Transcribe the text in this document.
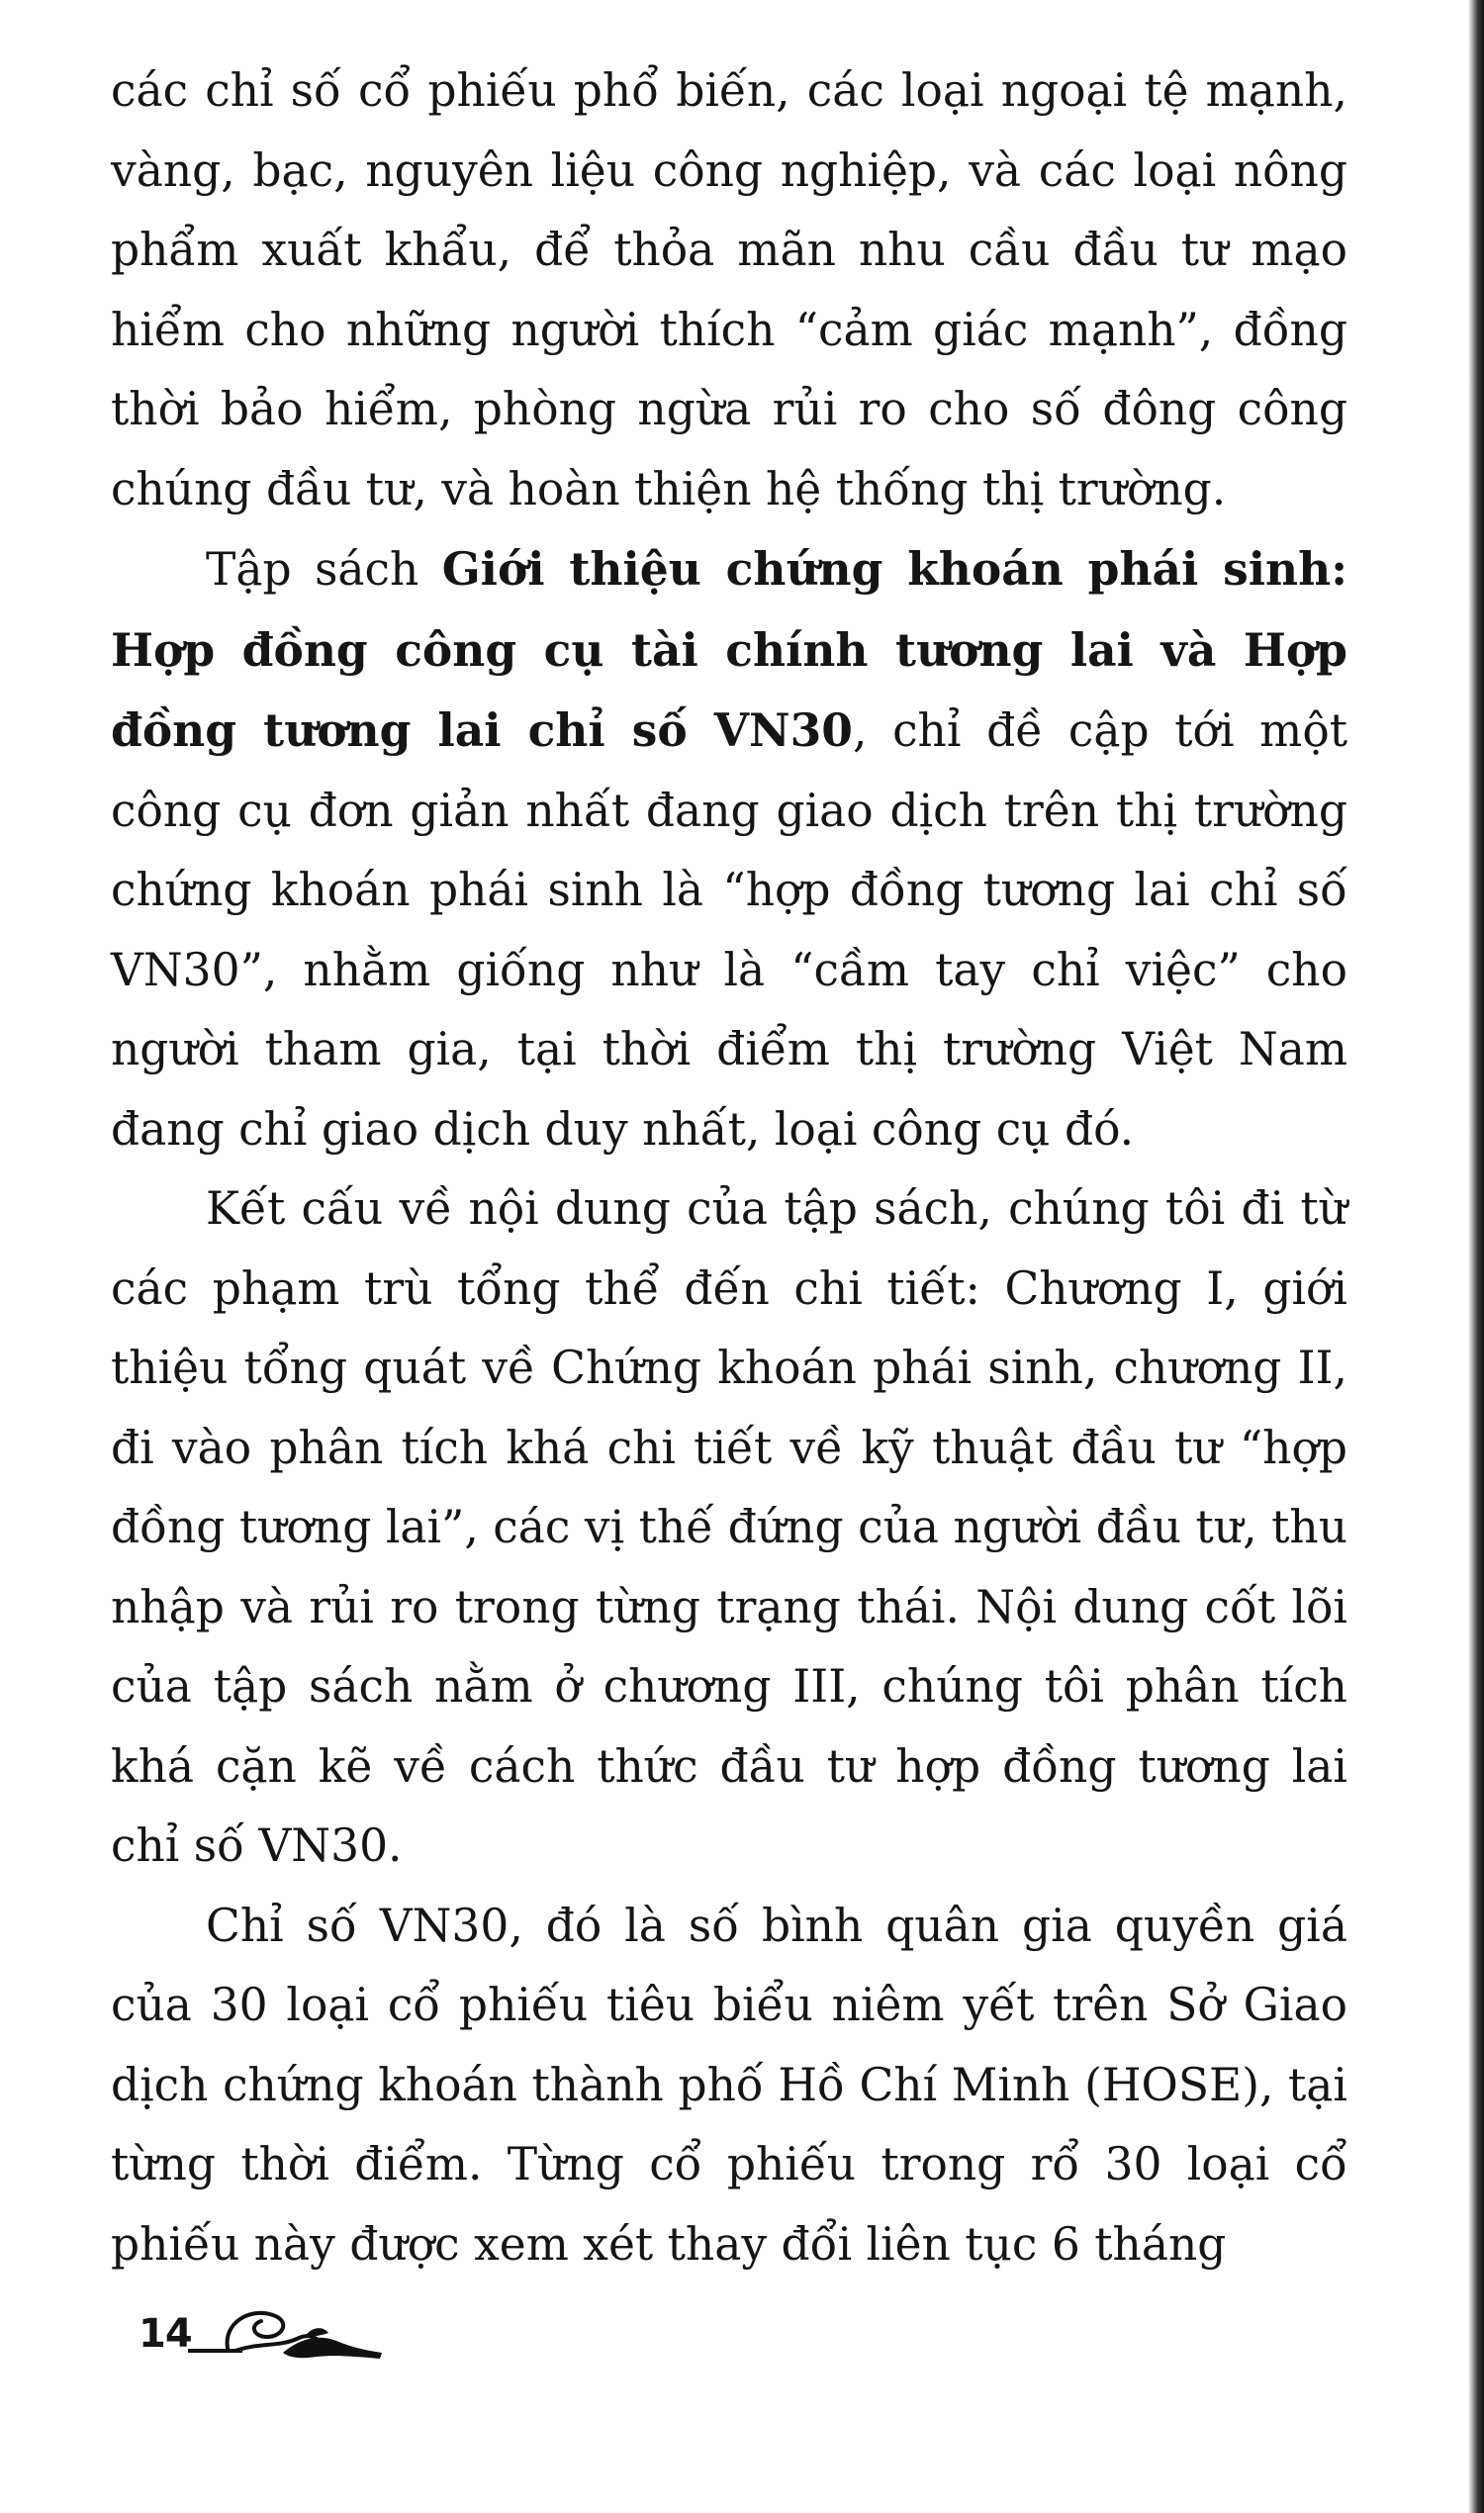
các chỉ số cổ phiếu phổ biến, các loại ngoại tệ mạnh, vàng, bạc, nguyên liệu công nghiệp, và các loại nông phẩm xuất khẩu, để thỏa mãn nhu cầu đầu tư mạo hiểm cho những người thích “cảm giác mạnh”, đồng thời bảo hiểm, phòng ngừa rủi ro cho số đông công chúng đầu tư, và hoàn thiện hệ thống thị trường.

Tập sách Giới thiệu chứng khoán phái sinh: Hợp đồng công cụ tài chính tương lai và Hợp đồng tương lai chỉ số VN30, chỉ đề cập tới một công cụ đơn giản nhất đang giao dịch trên thị trường chứng khoán phái sinh là “hợp đồng tương lai chỉ số VN30”, nhằm giống như là “cầm tay chỉ việc” cho người tham gia, tại thời điểm thị trường Việt Nam đang chỉ giao dịch duy nhất, loại công cụ đó.

Kết cấu về nội dung của tập sách, chúng tôi đi từ các phạm trù tổng thể đến chi tiết: Chương I, giới thiệu tổng quát về Chứng khoán phái sinh, chương II, đi vào phân tích khá chi tiết về kỹ thuật đầu tư “hợp đồng tương lai”, các vị thế đứng của người đầu tư, thu nhập và rủi ro trong từng trạng thái. Nội dung cốt lõi của tập sách nằm ở chương III, chúng tôi phân tích khá cặn kẽ về cách thức đầu tư hợp đồng tương lai chỉ số VN30.

Chỉ số VN30, đó là số bình quân gia quyền giá của 30 loại cổ phiếu tiêu biểu niêm yết trên Sở Giao dịch chứng khoán thành phố Hồ Chí Minh (HOSE), tại từng thời điểm. Từng cổ phiếu trong rổ 30 loại cổ phiếu này được xem xét thay đổi liên tục 6 tháng

14
